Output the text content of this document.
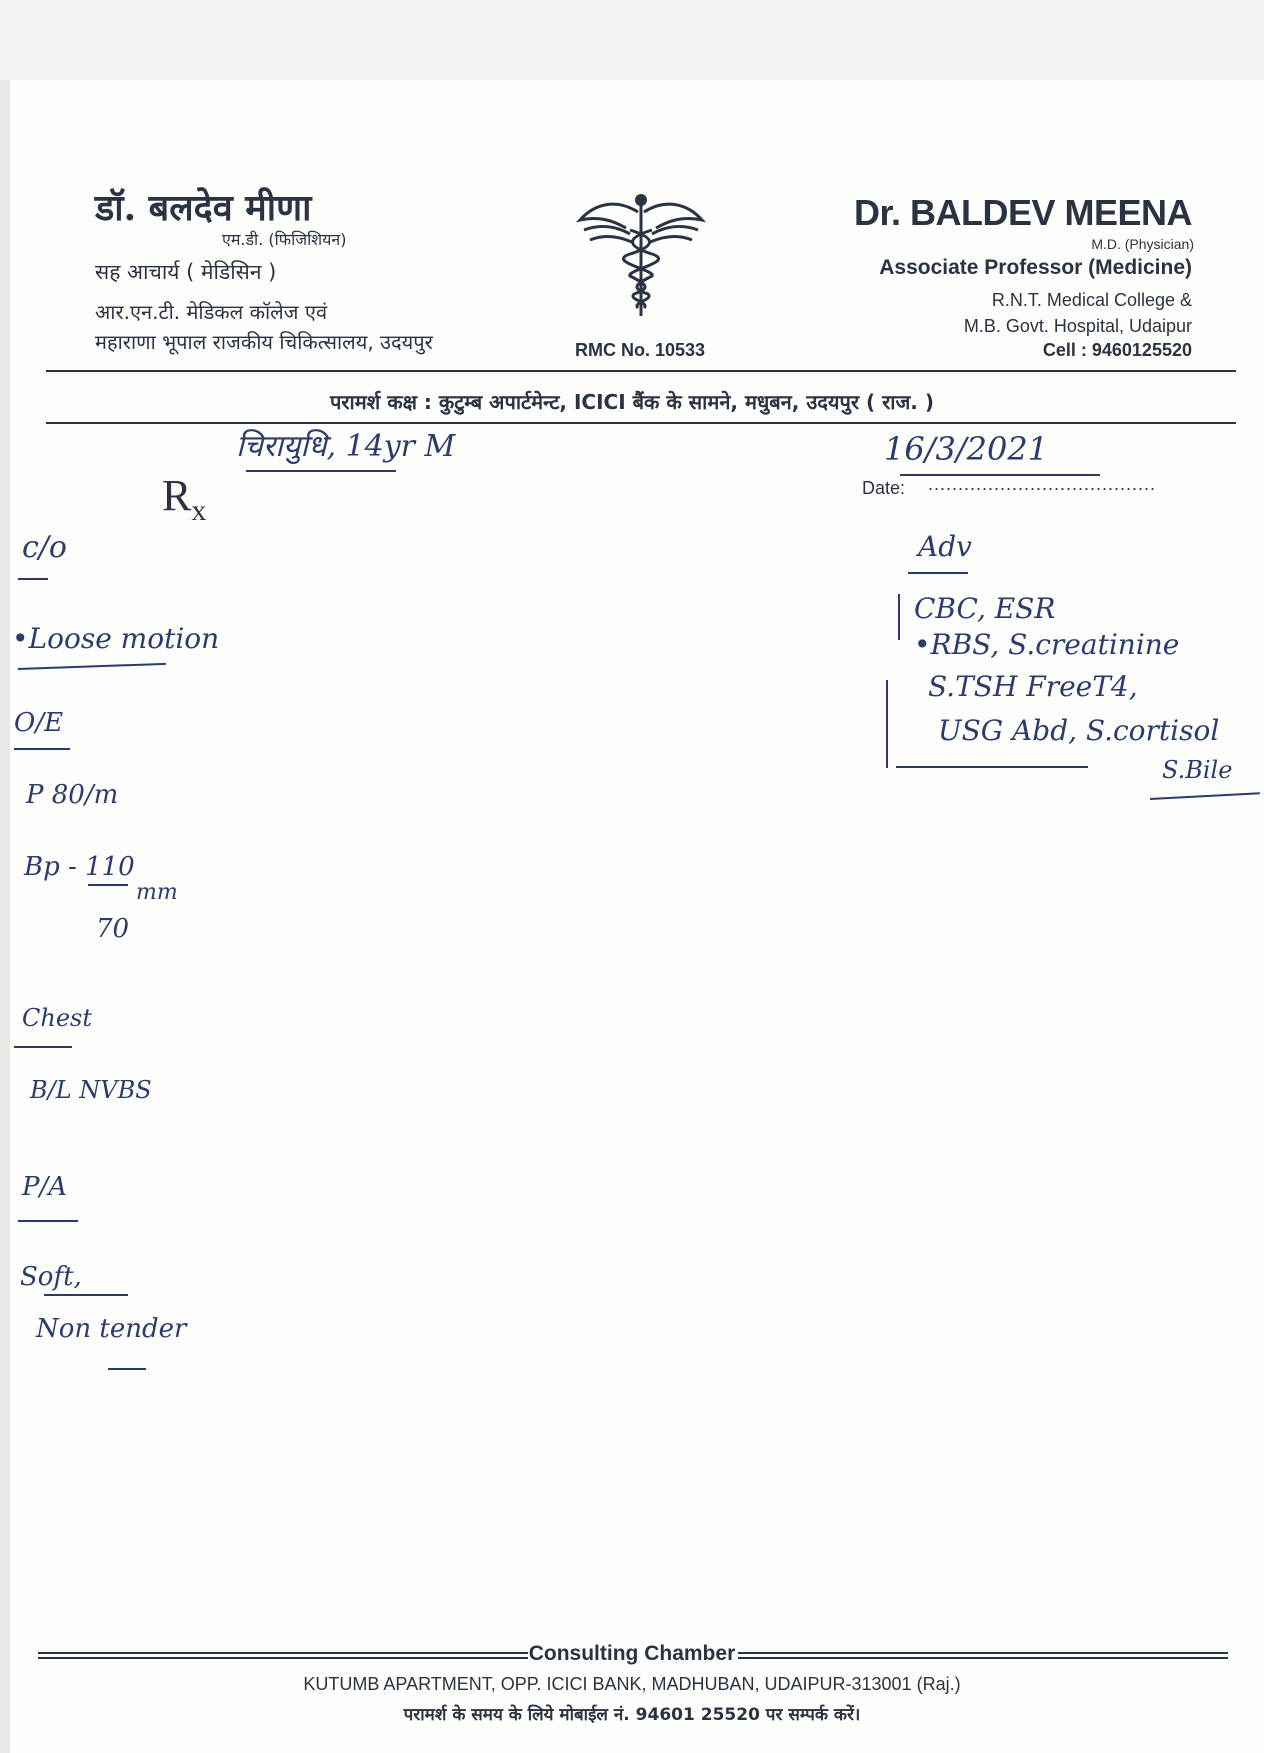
डॉ. बलदेव मीणा
एम.डी. (फिजिशियन)
सह आचार्य ( मेडिसिन )
आर.एन.टी. मेडिकल कॉलेज एवं
महाराणा भूपाल राजकीय चिकित्सालय, उदयपुर	RMC No. 10533
Dr. BALDEV MEENA
M.D. (Physician)
Associate Professor (Medicine)
R.N.T. Medical College &
M.B. Govt. Hospital, Udaipur
Cell : 9460125520
परामर्श कक्ष : कुटुम्ब अपार्टमेन्ट, ICICI बैंक के सामने, मधुबन, उदयपुर ( राज. )
चिरायुधि, 14yr M	16/3/2021
Date: ......................................
$R_x$
c/o
•Loose motion
O/E
P 80/m
Bp - 110
70
mm
Chest
B/L NVBS
P/A
Soft,
Non tender
Adv
CBC, ESR
•RBS, S.creatinine
S.TSH FreeT4,
USG Abd, S.cortisol
S.Bile
Consulting Chamber
KUTUMB APARTMENT, OPP. ICICI BANK, MADHUBAN, UDAIPUR-313001 (Raj.)
परामर्श के समय के लिये मोबाईल नं. 94601 25520 पर सम्पर्क करें।
